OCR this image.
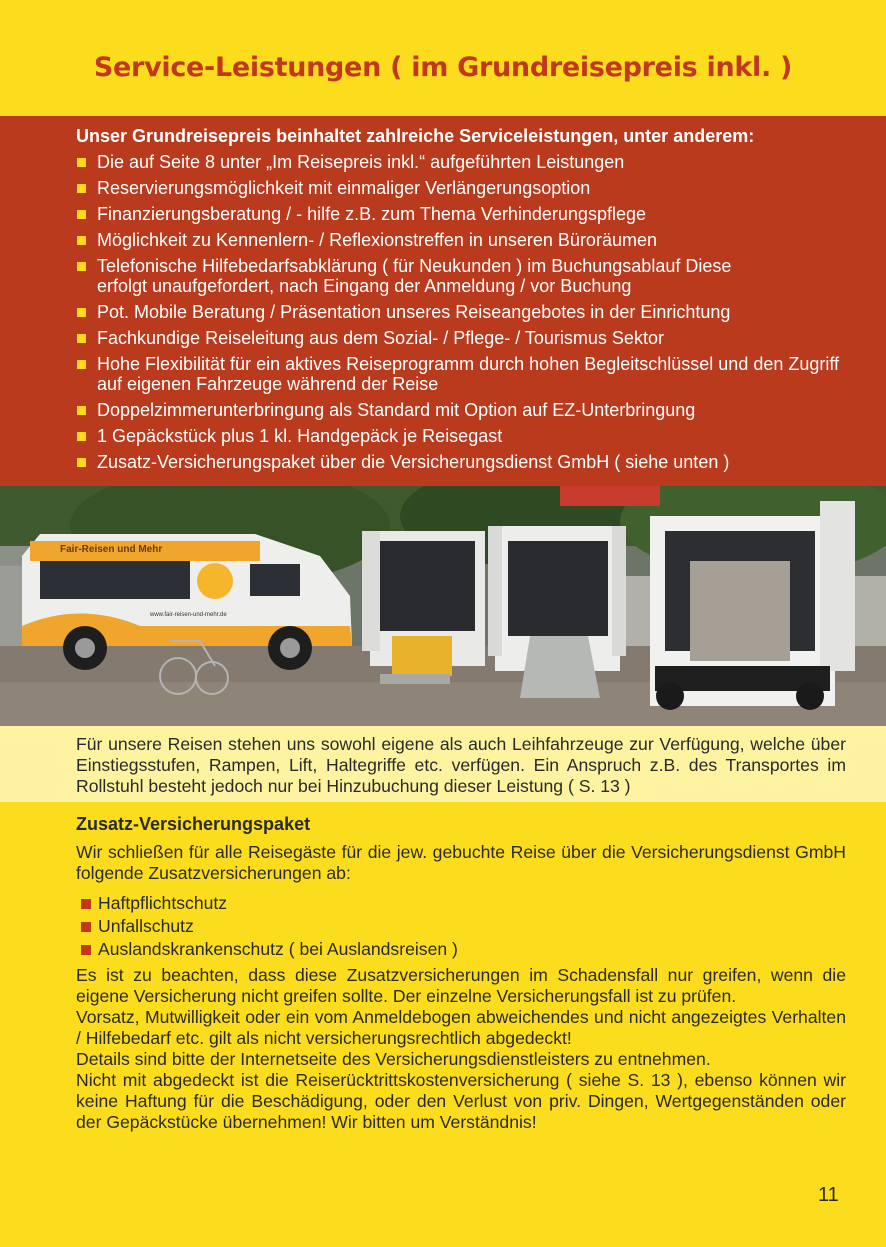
Service-Leistungen ( im Grundreisepreis inkl. )
Unser Grundreisepreis beinhaltet zahlreiche Serviceleistungen, unter anderem:
Die auf Seite 8 unter „Im Reisepreis inkl.“ aufgeführten Leistungen
Reservierungsmöglichkeit mit einmaliger Verlängerungsoption
Finanzierungsberatung / - hilfe z.B. zum Thema Verhinderungspflege
Möglichkeit zu Kennenlern- / Reflexionstreffen in unseren Büroräumen
Telefonische Hilfebedarfsabklärung ( für Neukunden ) im Buchungsablauf Diese erfolgt unaufgefordert, nach Eingang der Anmeldung / vor Buchung
Pot. Mobile Beratung / Präsentation unseres Reiseangebotes in der Einrichtung
Fachkundige Reiseleitung aus dem Sozial- / Pflege- / Tourismus Sektor
Hohe Flexibilität für ein aktives Reiseprogramm durch hohen Begleitschlüssel und den Zugriff auf eigenen Fahrzeuge während der Reise
Doppelzimmerunterbringung als Standard mit Option auf EZ-Unterbringung
1 Gepäckstück plus 1 kl. Handgepäck je Reisegast
Zusatz-Versicherungspaket über die Versicherungsdienst GmbH ( siehe unten )
Fair-Reisen und Mehr
www.fair-reisen-und-mehr.de
Für unsere Reisen stehen uns sowohl eigene als auch Leihfahrzeuge zur Verfügung, welche über Einstiegsstufen, Rampen, Lift, Haltegriffe etc. verfügen. Ein Anspruch z.B. des Transportes im Rollstuhl besteht jedoch nur bei Hinzubuchung dieser Leistung ( S. 13 )
Zusatz-Versicherungspaket

Wir schließen für alle Reisegäste für die jew. gebuchte Reise über die Versicherungsdienst GmbH folgende Zusatzversicherungen ab:

Haftpflichtschutz
Unfallschutz
Auslandskrankenschutz ( bei Auslandsreisen )

Es ist zu beachten, dass diese Zusatzversicherungen im Schadensfall nur greifen, wenn die eigene Versicherung nicht greifen sollte. Der einzelne Versicherungsfall ist zu prüfen.

Vorsatz, Mutwilligkeit oder ein vom Anmeldebogen abweichendes und nicht angezeigtes Verhalten / Hilfebedarf etc. gilt als nicht versicherungsrechtlich abgedeckt!

Details sind bitte der Internetseite des Versicherungsdienstleisters zu entnehmen.

Nicht mit abgedeckt ist die Reiserücktrittskostenversicherung ( siehe S. 13 ), ebenso können wir keine Haftung für die Beschädigung, oder den Verlust von priv. Dingen, Wertgegenständen oder der Gepäckstücke übernehmen! Wir bitten um Verständnis!

11
